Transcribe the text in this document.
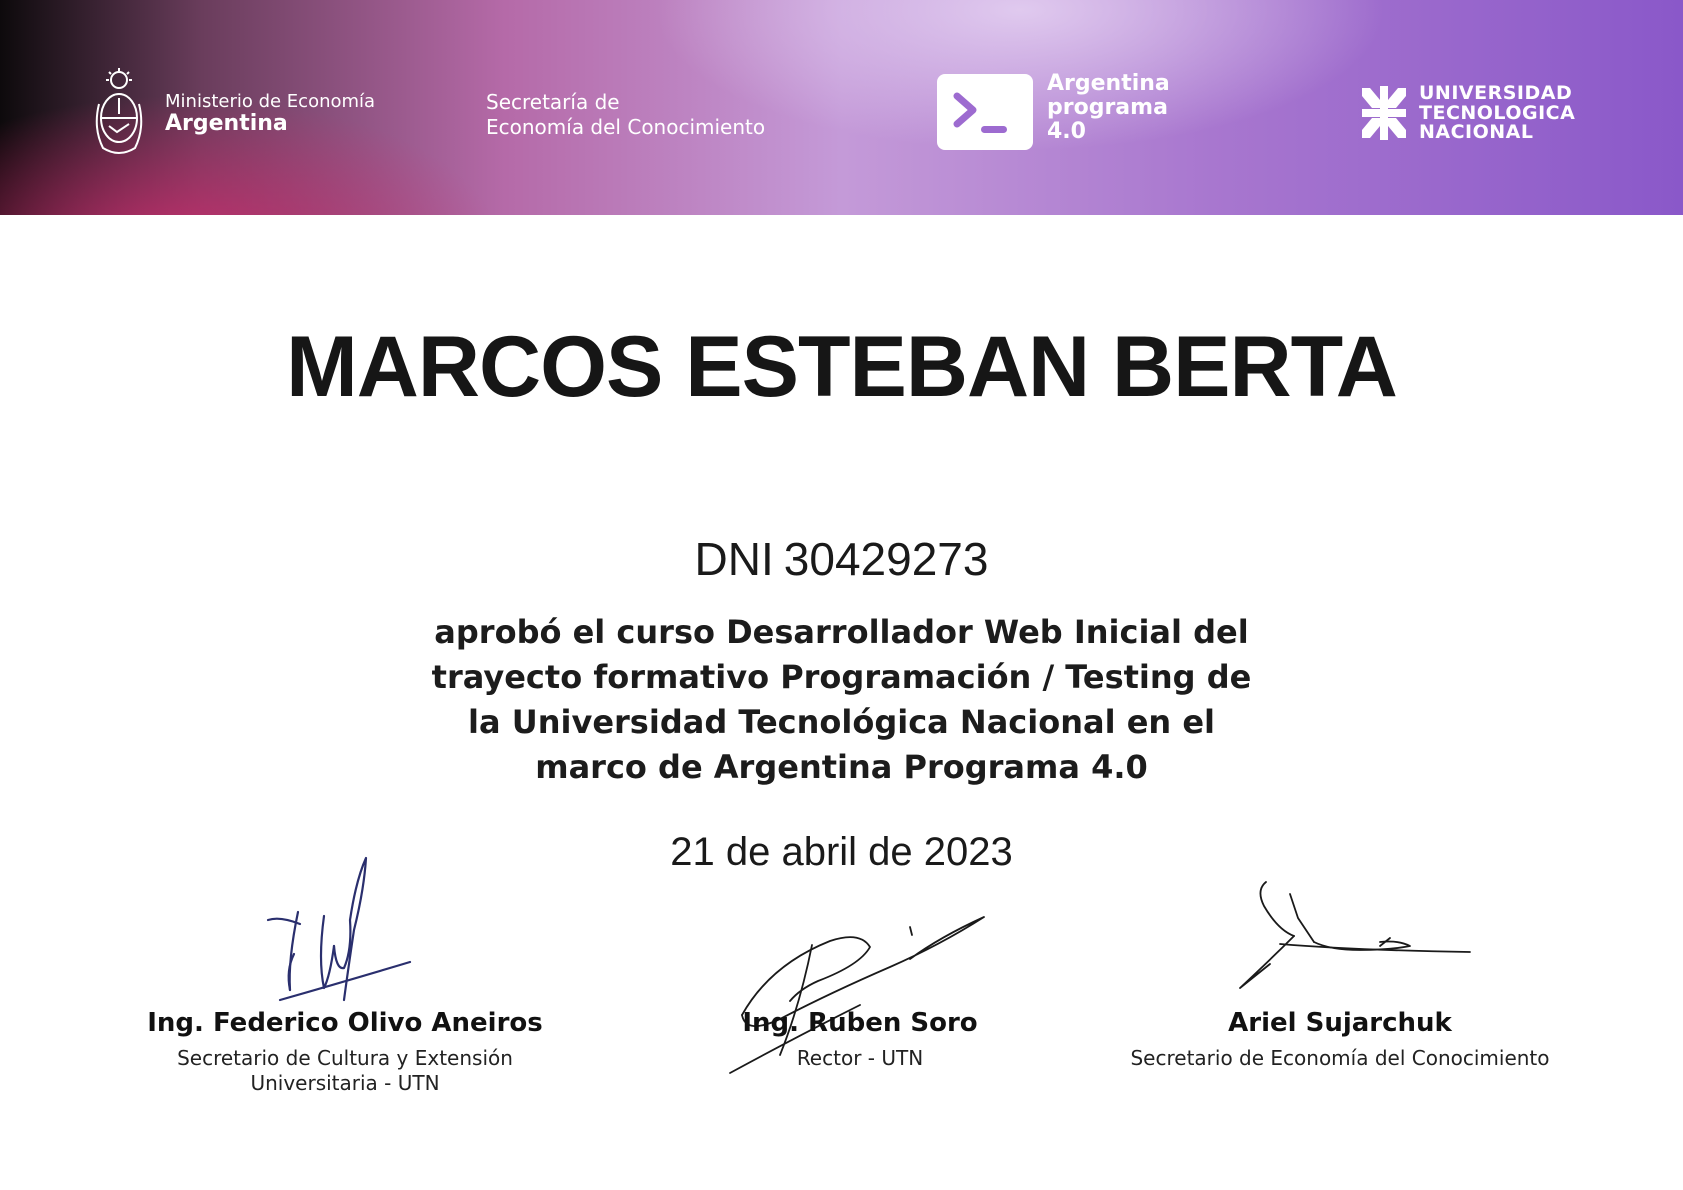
Ministerio de Economía
Argentina
Secretaría de
Economía del Conocimiento
Argentina
programa
4.0
UNIVERSIDAD
TECNOLOGICA
NACIONAL
MARCOS ESTEBAN BERTA
DNI 30429273
aprobó el curso Desarrollador Web Inicial del
trayecto formativo Programación / Testing de
la Universidad Tecnológica Nacional en el
marco de Argentina Programa 4.0
21 de abril de 2023
Ing. Federico Olivo Aneiros
Secretario de Cultura y Extensión
Universitaria - UTN
Ing. Ruben Soro
Rector - UTN
Ariel Sujarchuk
Secretario de Economía del Conocimiento
